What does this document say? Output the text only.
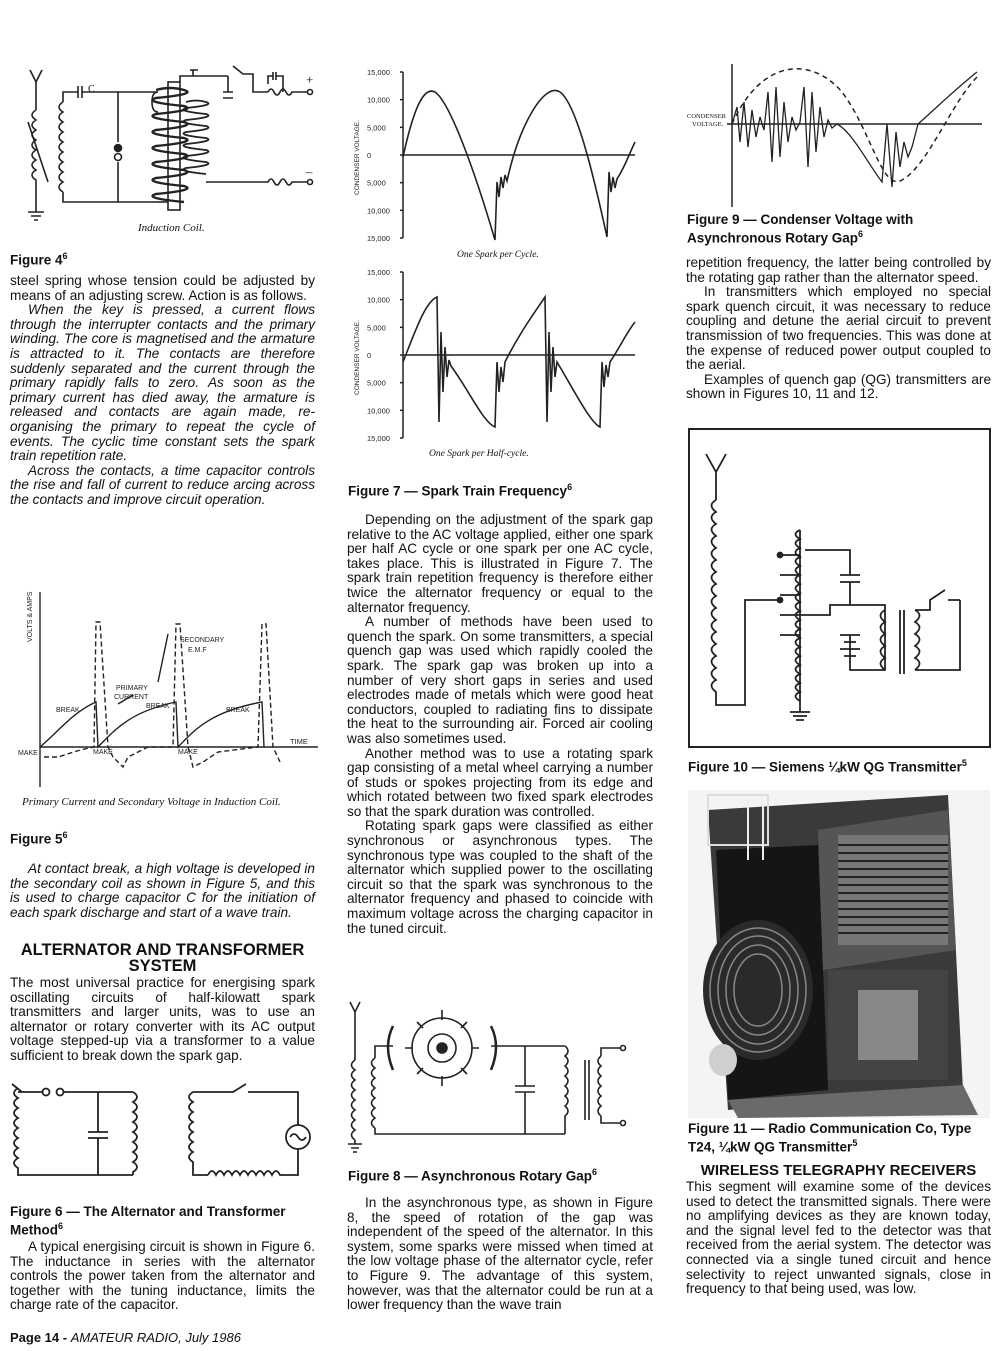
C
+
–
Induction Coil.
Figure $4^6$

steel spring whose tension could be adjusted by means of an adjusting screw. Action is as follows.

When the key is pressed, a current flows through the interrupter contacts and the primary winding. The core is magnetised and the armature is attracted to it. The contacts are therefore suddenly separated and the current through the primary rapidly falls to zero. As soon as the primary current has died away, the armature is released and contacts are again made, re-organising the primary to repeat the cycle of events. The cyclic time constant sets the spark train repetition rate.

Across the contacts, a time capacitor controls the rise and fall of current to reduce arcing across the contacts and improve circuit operation.

VOLTS & AMPS	SECONDARY
E.M.F
PRIMARY
CURRENT
BREAK
BREAK
BREAK
MAKE	MAKE	MAKE
TIME
Primary Current and Secondary Voltage in Induction Coil.
Figure $5^6$

At contact break, a high voltage is developed in the secondary coil as shown in Figure 5, and this is used to charge capacitor C for the initiation of each spark discharge and start of a wave train.

ALTERNATOR AND TRANSFORMER SYSTEM

The most universal practice for energising spark oscillating circuits of half-kilowatt spark transmitters and larger units, was to use an alternator or rotary converter with its AC output voltage stepped-up via a transformer to a value sufficient to break down the spark gap.

Figure 6 — The Alternator and Transformer Method$^6$

A typical energising circuit is shown in Figure 6. The inductance in series with the alternator controls the power taken from the alternator and together with the tuning inductance, limits the charge rate of the capacitor.

15,000
10,000
5,000
0
5,000
10,000
15,000
CONDENSER VOLTAGE.
15,000
10,000
5,000
0
5,000
10,000
15,000
CONDENSER VOLTAGE.
One Spark per Cycle.
One Spark per Half-cycle.
Figure 7 — Spark Train Frequency$^6$

Depending on the adjustment of the spark gap relative to the AC voltage applied, either one spark per half AC cycle or one spark per one AC cycle, takes place. This is illustrated in Figure 7. The spark train repetition frequency is therefore either twice the alternator frequency or equal to the alternator frequency.

A number of methods have been used to quench the spark. On some transmitters, a special quench gap was used which rapidly cooled the spark. The spark gap was broken up into a number of very short gaps in series and used electrodes made of metals which were good heat conductors, coupled to radiating fins to dissipate the heat to the surrounding air. Forced air cooling was also sometimes used.

Another method was to use a rotating spark gap consisting of a metal wheel carrying a number of studs or spokes projecting from its edge and which rotated between two fixed spark electrodes so that the spark duration was controlled.

Rotating spark gaps were classified as either synchronous or asynchronous types. The synchronous type was coupled to the shaft of the alternator which supplied power to the oscillating circuit so that the spark was synchronous to the alternator frequency and phased to coincide with maximum voltage across the charging capacitor in the tuned circuit.

Figure 8 — Asynchronous Rotary Gap$^6$

In the asynchronous type, as shown in Figure 8, the speed of rotation of the gap was independent of the speed of the alternator. In this system, some sparks were missed when timed at the low voltage phase of the alternator cycle, refer to Figure 9. The advantage of this system, however, was that the alternator could be run at a lower frequency than the wave train

CONDENSER
VOLTAGE.
Figure 9 — Condenser Voltage with Asynchronous Rotary Gap$^6$

repetition frequency, the latter being controlled by the rotating gap rather than the alternator speed.

In transmitters which employed no special spark quench circuit, it was necessary to reduce coupling and detune the aerial circuit to prevent transmission of two frequencies. This was done at the expense of reduced power output coupled to the aerial.

Examples of quench gap (QG) transmitters are shown in Figures 10, 11 and 12.

Figure 10 — Siemens ¼kW QG Transmitter$^5$
Figure 11 — Radio Communication Co, Type T24, ¼kW QG Transmitter$^5$
WIRELESS TELEGRAPHY RECEIVERS

This segment will examine some of the devices used to detect the transmitted signals. There were no amplifying devices as they are known today, and the signal level fed to the detector was that received from the aerial system. The detector was connected via a single tuned circuit and hence selectivity to reject unwanted signals, close in frequency to that being used, was low.

Page 14 - AMATEUR RADIO, July 1986
